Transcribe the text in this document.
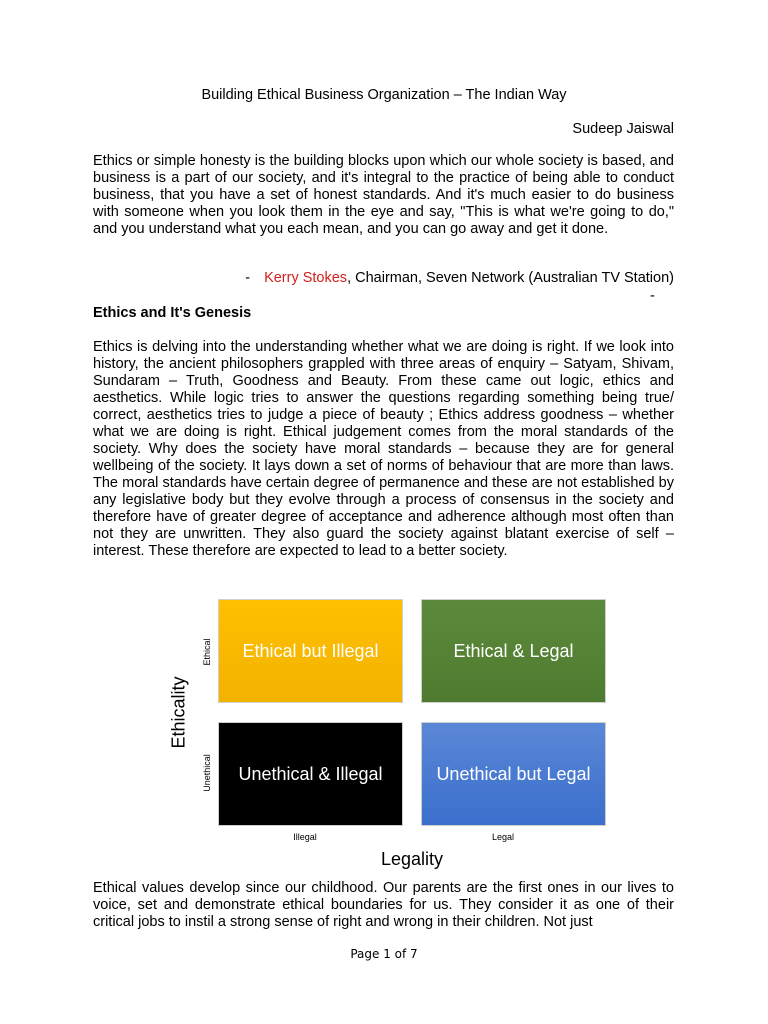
Building Ethical Business Organization – The Indian Way
Sudeep Jaiswal

Ethics or simple honesty is the building blocks upon which our whole society is based, and business is a part of our society, and it's integral to the practice of being able to conduct business, that you have a set of honest standards. And it's much easier to do business with someone when you look them in the eye and say, "This is what we're going to do," and you understand what you each mean, and you can go away and get it done.

- Kerry Stokes, Chairman, Seven Network (Australian TV Station)
-
Ethics and It's Genesis

Ethics is delving into the understanding whether what we are doing is right. If we look into history, the ancient philosophers grappled with three areas of enquiry – Satyam, Shivam, Sundaram – Truth, Goodness and Beauty. From these came out logic, ethics and aesthetics. While logic tries to answer the questions regarding something being true/ correct, aesthetics tries to judge a piece of beauty ; Ethics address goodness – whether what we are doing is right. Ethical judgement comes from the moral standards of the society. Why does the society have moral standards – because they are for general wellbeing of the society. It lays down a set of norms of behaviour that are more than laws. The moral standards have certain degree of permanence and these are not established by any legislative body but they evolve through a process of consensus in the society and therefore have of greater degree of acceptance and adherence although most often than not they are unwritten. They also guard the society against blatant exercise of self – interest. These therefore are expected to lead to a better society.

Ethical but Illegal	Ethical & Legal
Unethical & Illegal	Unethical but Legal
Ethical
Unethical
Ethicality
Illegal	Legal
Legality

Ethical values develop since our childhood. Our parents are the first ones in our lives to voice, set and demonstrate ethical boundaries for us. They consider it as one of their critical jobs to instil a strong sense of right and wrong in their children. Not just

Page 1 of 7
